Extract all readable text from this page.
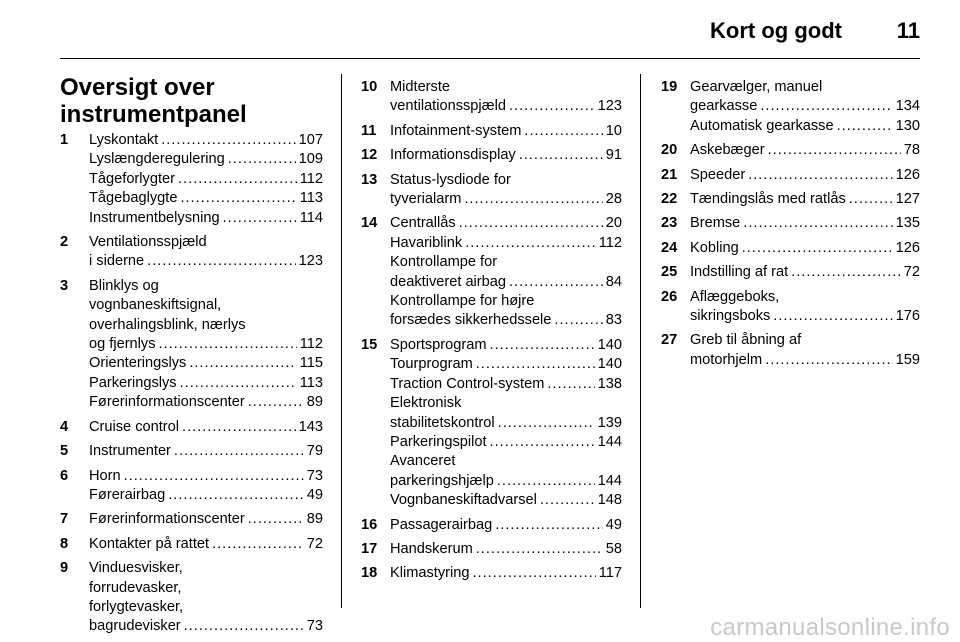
Kort og godt 11
Oversigt over
instrumentpanel
1	Lyskontakt .....	107
Lyslængderegulering .....	109
Tågeforlygter .....	112
Tågebaglygte .....	113
Instrumentbelysning .....	114
2	Ventilationsspjæld
i siderne .....	123
3	Blinklys og
vognbaneskiftsignal,
overhalingsblink, nærlys
og fjernlys .....	112
Orienteringslys .....	115
Parkeringslys .....	113
Førerinformationscenter .....	89
4	Cruise control .....	143
5	Instrumenter .....	79
6	Horn .....	73
Førerairbag .....	49
7	Førerinformationscenter .....	89
8	Kontakter på rattet .....	72
9	Vinduesvisker,
forrudevasker,
forlygtevasker,
bagrudevisker .....	73
10 Midterste
ventilationsspjæld .....	123
11 Infotainment-system .....	10
12 Informationsdisplay .....	91
13 Status-lysdiode for
tyverialarm .....	28
14 Centrallås .....	20
Havariblink .....	112
Kontrollampe for
deaktiveret airbag .....	84
Kontrollampe for højre
forsædes sikkerhedssele .....	83
15 Sportsprogram .....	140
Tourprogram .....	140
Traction Control-system .....	138
Elektronisk
stabilitetskontrol .....	139
Parkeringspilot .....	144
Avanceret
parkeringshjælp .....	144
Vognbaneskiftadvarsel .....	148
16 Passagerairbag .....	49
17 Handskerum .....	58
18 Klimastyring .....	117
19 Gearvælger, manuel
gearkasse .....	134
Automatisk gearkasse .....	130
20 Askebæger .....	78
21 Speeder .....	126
22 Tændingslås med ratlås .....	127
23 Bremse .....	135
24 Kobling .....	126
25 Indstilling af rat .....	72
26 Aflæggeboks,
sikringsboks .....	176
27 Greb til åbning af
motorhjelm .....	159
carmanualsonline.info
